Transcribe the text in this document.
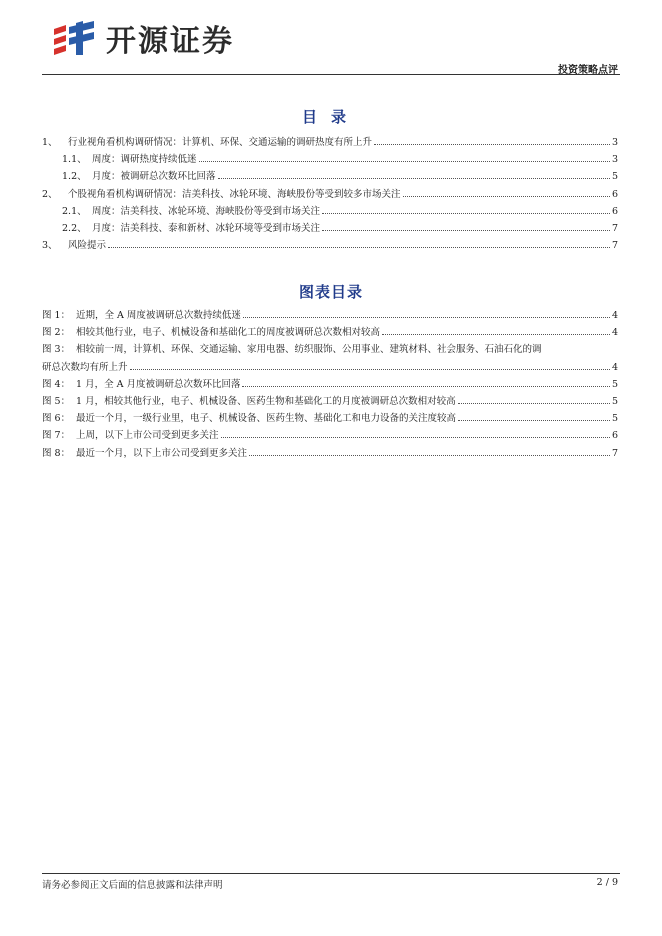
开源证券
投资策略点评
目录
1、	行业视角看机构调研情况：计算机、环保、交通运输的调研热度有所上升	3
1.1、 周度：调研热度持续低迷	3
1.2、 月度：被调研总次数环比回落	5
2、	个股视角看机构调研情况：洁美科技、冰轮环境、海峡股份等受到较多市场关注	6
2.1、 周度：洁美科技、冰轮环境、海峡股份等受到市场关注	6
2.2、 月度：洁美科技、泰和新材、冰轮环境等受到市场关注	7
3、	风险提示	7
图表目录
图 1： 近期，全 A 周度被调研总次数持续低迷	4
图 2： 相较其他行业，电子、机械设备和基础化工的周度被调研总次数相对较高	4
图 3： 相较前一周，计算机、环保、交通运输、家用电器、纺织服饰、公用事业、建筑材料、社会服务、石油石化的调
研总次数均有所上升	4
图 4： 1 月，全 A 月度被调研总次数环比回落	5
图 5： 1 月，相较其他行业，电子、机械设备、医药生物和基础化工的月度被调研总次数相对较高	5
图 6： 最近一个月，一级行业里，电子、机械设备、医药生物、基础化工和电力设备的关注度较高	5
图 7： 上周，以下上市公司受到更多关注	6
图 8： 最近一个月，以下上市公司受到更多关注	7
请务必参阅正文后面的信息披露和法律声明	2 / 9
